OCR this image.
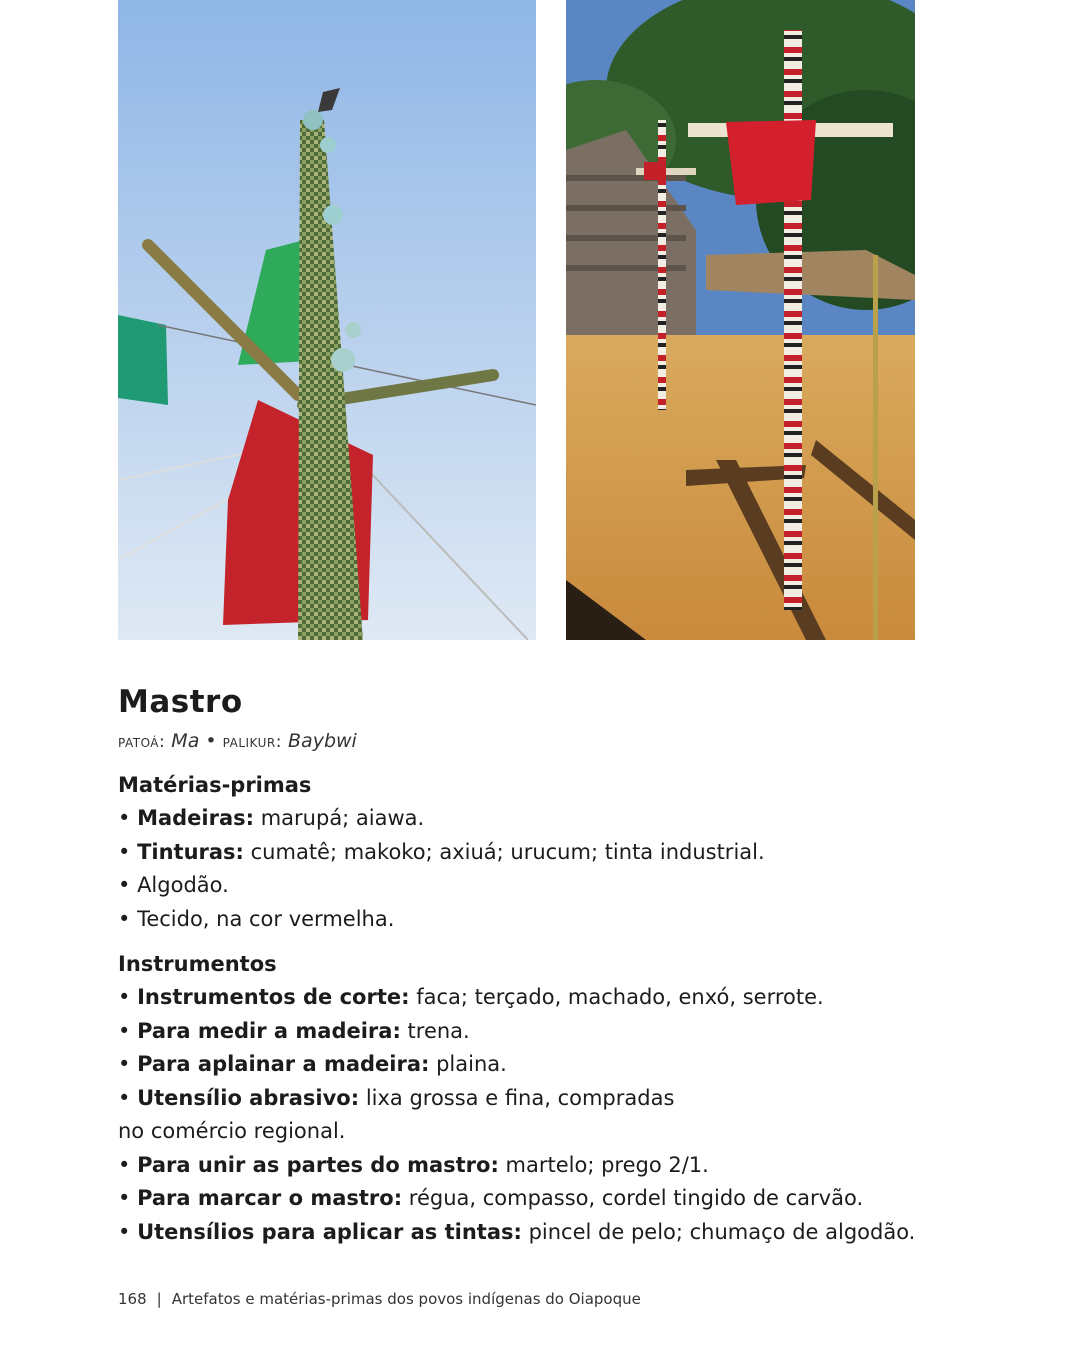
Mastro
patoá: Ma • palikur: Baybwi
Matérias-primas
• Madeiras: marupá; aiawa.
• Tinturas: cumatê; makoko; axiuá; urucum; tinta industrial.
• Algodão.
• Tecido, na cor vermelha.
Instrumentos
• Instrumentos de corte: faca; terçado, machado, enxó, serrote.
• Para medir a madeira: trena.
• Para aplainar a madeira: plaina.
• Utensílio abrasivo: lixa grossa e fina, compradas
no comércio regional.
• Para unir as partes do mastro: martelo; prego 2/1.
• Para marcar o mastro: régua, compasso, cordel tingido de carvão.
• Utensílios para aplicar as tintas: pincel de pelo; chumaço de algodão.
168 | Artefatos e matérias-primas dos povos indígenas do Oiapoque
